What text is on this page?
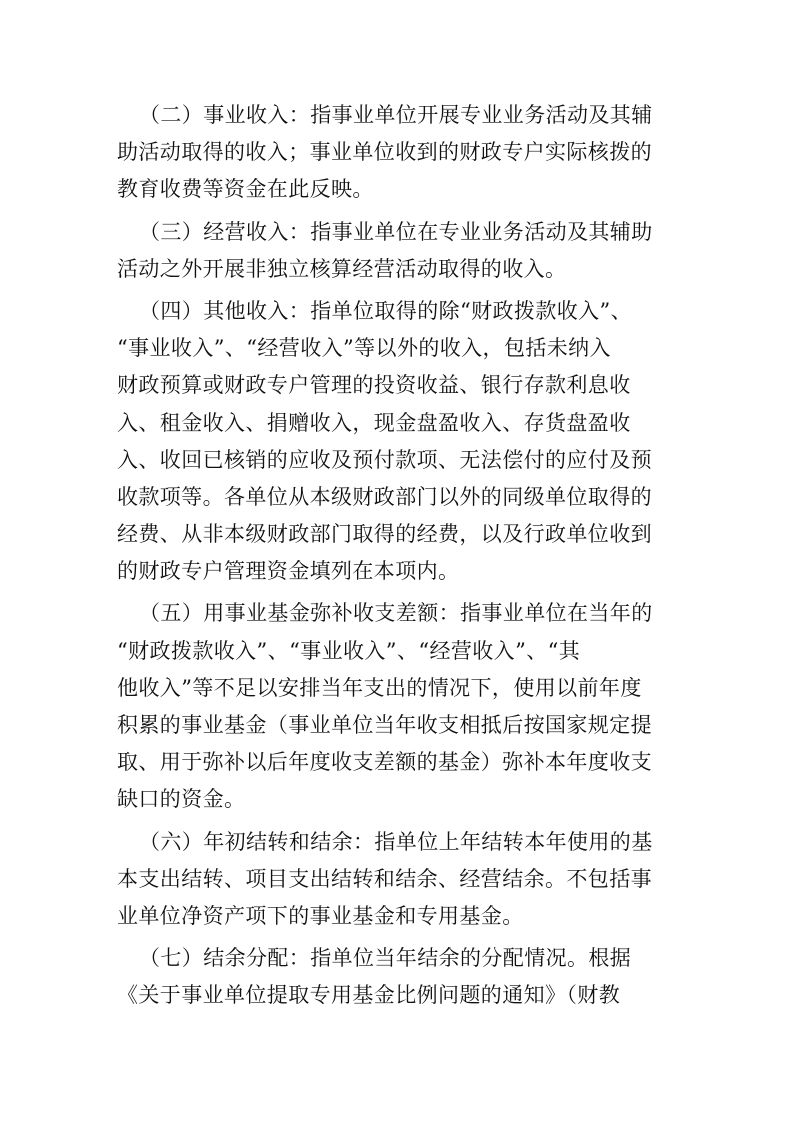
（二）事业收入：指事业单位开展专业业务活动及其辅
助活动取得的收入；事业单位收到的财政专户实际核拨的
教育收费等资金在此反映。

（三）经营收入：指事业单位在专业业务活动及其辅助
活动之外开展非独立核算经营活动取得的收入。

（四）其他收入：指单位取得的除“财政拨款收入”、
“事业收入”、“经营收入”等以外的收入，包括未纳入
财政预算或财政专户管理的投资收益、银行存款利息收
入、租金收入、捐赠收入，现金盘盈收入、存货盘盈收
入、收回已核销的应收及预付款项、无法偿付的应付及预
收款项等。各单位从本级财政部门以外的同级单位取得的
经费、从非本级财政部门取得的经费，以及行政单位收到
的财政专户管理资金填列在本项内。

（五）用事业基金弥补收支差额：指事业单位在当年的
“财政拨款收入”、“事业收入”、“经营收入”、“其
他收入”等不足以安排当年支出的情况下，使用以前年度
积累的事业基金（事业单位当年收支相抵后按国家规定提
取、用于弥补以后年度收支差额的基金）弥补本年度收支
缺口的资金。

（六）年初结转和结余：指单位上年结转本年使用的基
本支出结转、项目支出结转和结余、经营结余。不包括事
业单位净资产项下的事业基金和专用基金。

（七）结余分配：指单位当年结余的分配情况。根据
《关于事业单位提取专用基金比例问题的通知》（财教
